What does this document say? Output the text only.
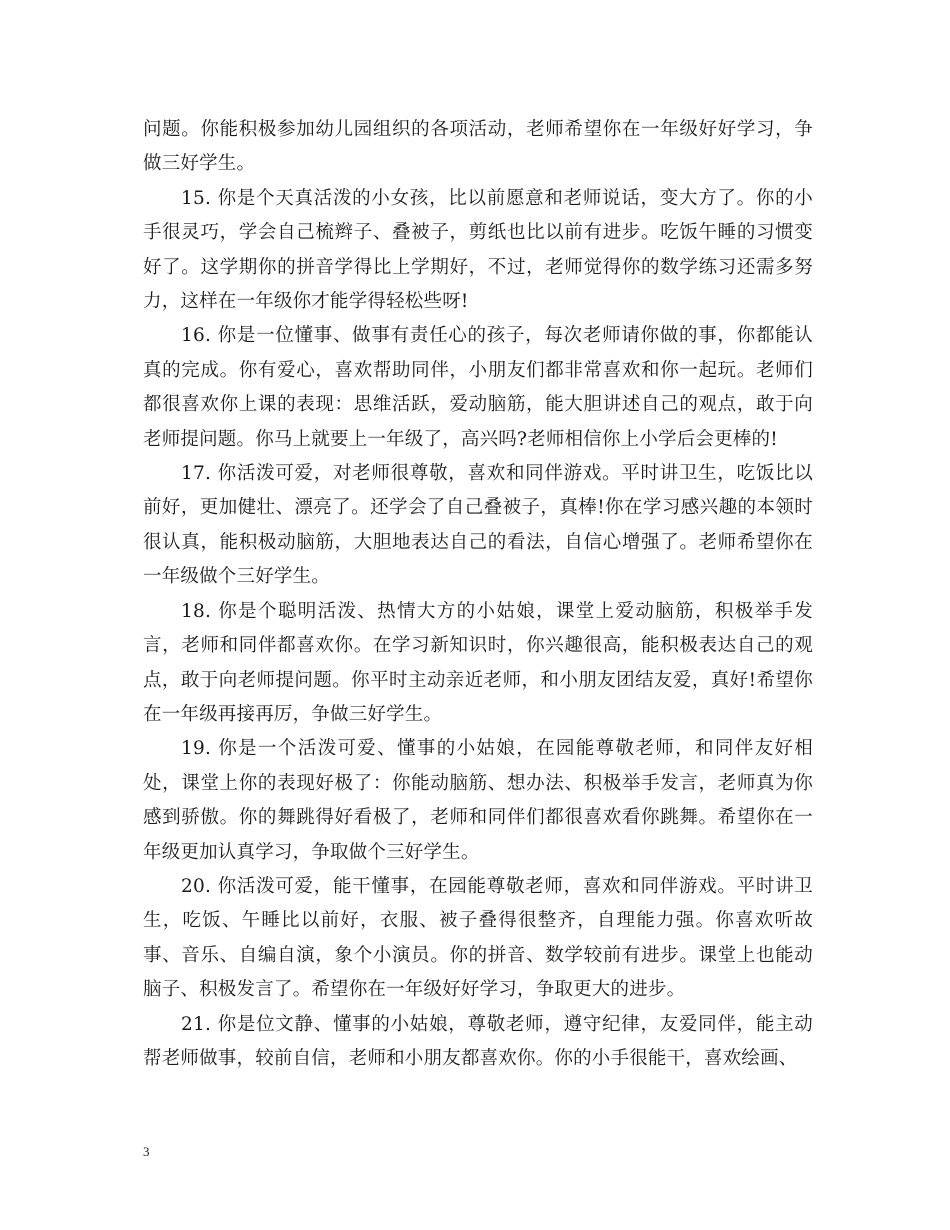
问题。你能积极参加幼儿园组织的各项活动，老师希望你在一年级好好学习，争做三好学生。

15. 你是个天真活泼的小女孩，比以前愿意和老师说话，变大方了。你的小手很灵巧，学会自己梳辫子、叠被子，剪纸也比以前有进步。吃饭午睡的习惯变好了。这学期你的拼音学得比上学期好，不过，老师觉得你的数学练习还需多努力，这样在一年级你才能学得轻松些呀!

16. 你是一位懂事、做事有责任心的孩子，每次老师请你做的事，你都能认真的完成。你有爱心，喜欢帮助同伴，小朋友们都非常喜欢和你一起玩。老师们都很喜欢你上课的表现：思维活跃，爱动脑筋，能大胆讲述自己的观点，敢于向老师提问题。你马上就要上一年级了，高兴吗?老师相信你上小学后会更棒的!

17. 你活泼可爱，对老师很尊敬，喜欢和同伴游戏。平时讲卫生，吃饭比以前好，更加健壮、漂亮了。还学会了自己叠被子，真棒!你在学习感兴趣的本领时很认真，能积极动脑筋，大胆地表达自己的看法，自信心增强了。老师希望你在一年级做个三好学生。

18. 你是个聪明活泼、热情大方的小姑娘，课堂上爱动脑筋，积极举手发言，老师和同伴都喜欢你。在学习新知识时，你兴趣很高，能积极表达自己的观点，敢于向老师提问题。你平时主动亲近老师，和小朋友团结友爱，真好!希望你在一年级再接再厉，争做三好学生。

19. 你是一个活泼可爱、懂事的小姑娘，在园能尊敬老师，和同伴友好相处，课堂上你的表现好极了：你能动脑筋、想办法、积极举手发言，老师真为你感到骄傲。你的舞跳得好看极了，老师和同伴们都很喜欢看你跳舞。希望你在一年级更加认真学习，争取做个三好学生。

20. 你活泼可爱，能干懂事，在园能尊敬老师，喜欢和同伴游戏。平时讲卫生，吃饭、午睡比以前好，衣服、被子叠得很整齐，自理能力强。你喜欢听故事、音乐、自编自演，象个小演员。你的拼音、数学较前有进步。课堂上也能动脑子、积极发言了。希望你在一年级好好学习，争取更大的进步。

21. 你是位文静、懂事的小姑娘，尊敬老师，遵守纪律，友爱同伴，能主动帮老师做事，较前自信，老师和小朋友都喜欢你。你的小手很能干，喜欢绘画、

3
